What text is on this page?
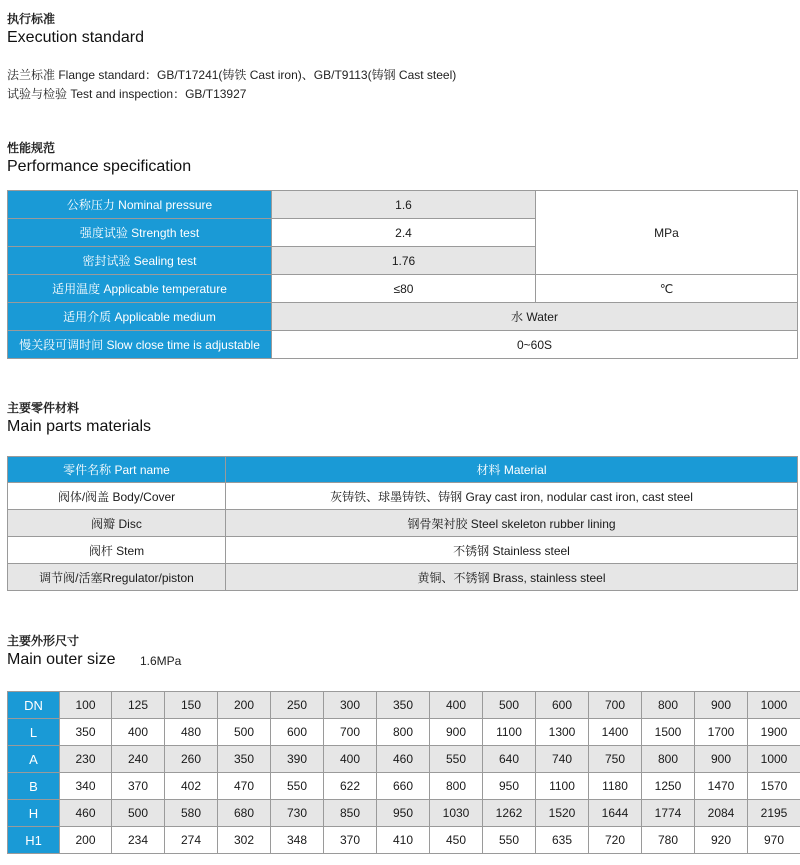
执行标准
Execution standard
法兰标准 Flange standard：GB/T17241(铸铁 Cast iron)、GB/T9113(铸钢 Cast steel)
试验与检验 Test and inspection：GB/T13927
性能规范
Performance specification
公称压力 Nominal pressure	1.6	MPa
强度试验 Strength test	2.4	
密封试验 Sealing test	1.76	
适用温度 Applicable temperature	≤80	℃
适用介质 Applicable medium	水 Water	
慢关段可调时间 Slow close time is adjustable	0~60S	
主要零件材料
Main parts materials
零件名称 Part name	材料 Material
阀体/阀盖 Body/Cover	灰铸铁、球墨铸铁、铸钢 Gray cast iron, nodular cast iron, cast steel
阀瓣 Disc	钢骨架衬胶 Steel skeleton rubber lining
阀杆 Stem	不锈钢 Stainless steel
调节阀/活塞Rregulator/piston	黄铜、不锈钢 Brass, stainless steel
主要外形尺寸
Main outer size 1.6MPa
DN	100	125	150	200	250	300	350	400	500	600	700	800	900	1000
L	350	400	480	500	600	700	800	900	1100	1300	1400	1500	1700	1900
A	230	240	260	350	390	400	460	550	640	740	750	800	900	1000
B	340	370	402	470	550	622	660	800	950	1100	1180	1250	1470	1570
H	460	500	580	680	730	850	950	1030	1262	1520	1644	1774	2084	2195
H1	200	234	274	302	348	370	410	450	550	635	720	780	920	970
